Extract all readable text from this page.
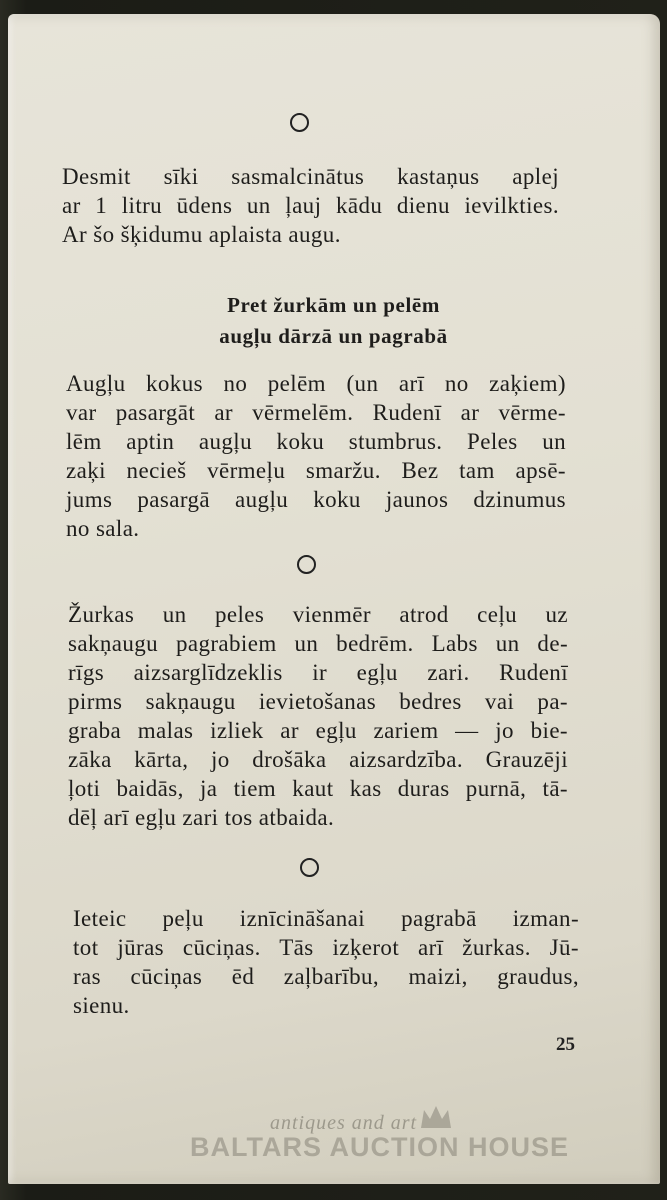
Desmit sīki sasmalcinātus kastaņus aplej
ar 1 litru ūdens un ļauj kādu dienu ievilkties.
Ar šo šķidumu aplaista augu.
Pret žurkām un pelēm
augļu dārzā un pagrabā
Augļu kokus no pelēm (un arī no zaķiem)
var pasargāt ar vērmelēm. Rudenī ar vērme-
lēm aptin augļu koku stumbrus. Peles un
zaķi necieš vērmeļu smaržu. Bez tam apsē-
jums pasargā augļu koku jaunos dzinumus
no sala.
Žurkas un peles vienmēr atrod ceļu uz
sakņaugu pagrabiem un bedrēm. Labs un de-
rīgs aizsarglīdzeklis ir egļu zari. Rudenī
pirms sakņaugu ievietošanas bedres vai pa-
graba malas izliek ar egļu zariem — jo bie-
zāka kārta, jo drošāka aizsardzība. Grauzēji
ļoti baidās, ja tiem kaut kas duras purnā, tā-
dēļ arī egļu zari tos atbaida.
Ieteic peļu iznīcināšanai pagrabā izman-
tot jūras cūciņas. Tās izķerot arī žurkas. Jū-
ras cūciņas ēd zaļbarību, maizi, graudus,
sienu.
25
antiques and art
BALTARS AUCTION HOUSE
